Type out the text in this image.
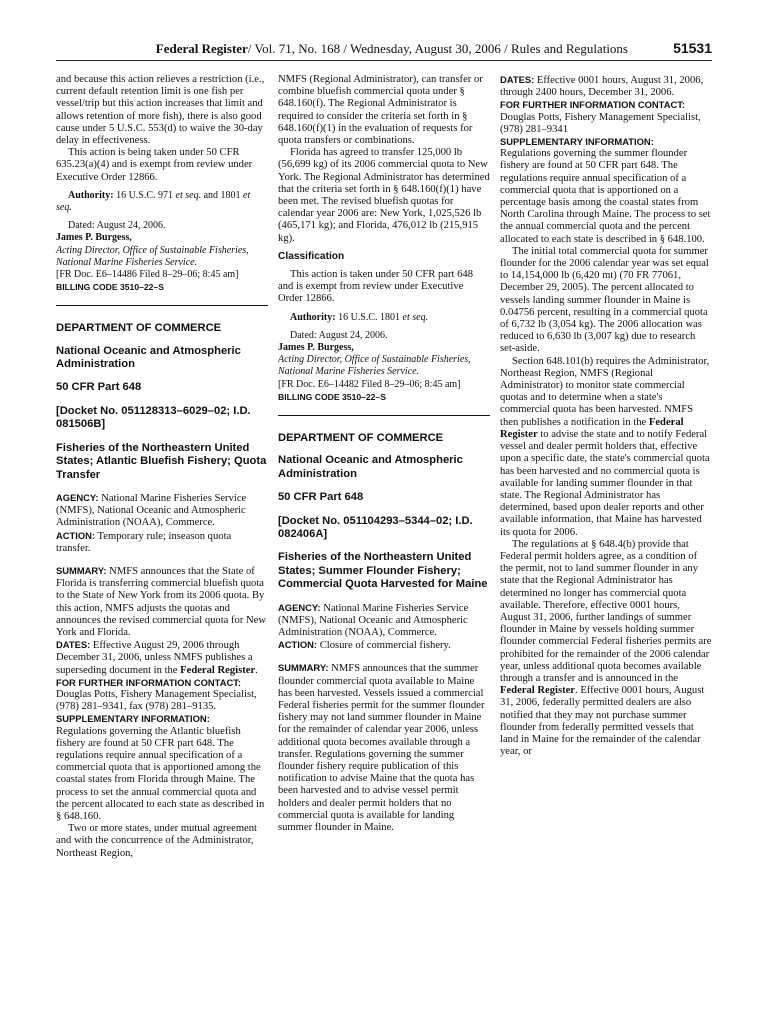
Federal Register/ Vol. 71, No. 168 / Wednesday, August 30, 2006 / Rules and Regulations	51531

and because this action relieves a restriction (i.e., current default retention limit is one fish per vessel/trip but this action increases that limit and allows retention of more fish), there is also good cause under 5 U.S.C. 553(d) to waive the 30-day delay in effectiveness.

This action is being taken under 50 CFR 635.23(a)(4) and is exempt from review under Executive Order 12866.

Authority: 16 U.S.C. 971 et seq. and 1801 et seq.

Dated: August 24, 2006.

James P. Burgess,

Acting Director, Office of Sustainable Fisheries, National Marine Fisheries Service.

[FR Doc. E6–14486 Filed 8–29–06; 8:45 am]

BILLING CODE 3510–22–S

DEPARTMENT OF COMMERCE

National Oceanic and Atmospheric Administration

50 CFR Part 648

[Docket No. 051128313–6029–02; I.D. 081506B]

Fisheries of the Northeastern United States; Atlantic Bluefish Fishery; Quota Transfer

AGENCY: National Marine Fisheries Service (NMFS), National Oceanic and Atmospheric Administration (NOAA), Commerce.

ACTION: Temporary rule; inseason quota transfer.

SUMMARY: NMFS announces that the State of Florida is transferring commercial bluefish quota to the State of New York from its 2006 quota. By this action, NMFS adjusts the quotas and announces the revised commercial quota for New York and Florida.

DATES: Effective August 29, 2006 through December 31, 2006, unless NMFS publishes a superseding document in the Federal Register.

FOR FURTHER INFORMATION CONTACT:

Douglas Potts, Fishery Management Specialist, (978) 281–9341, fax (978) 281–9135.

SUPPLEMENTARY INFORMATION:

Regulations governing the Atlantic bluefish fishery are found at 50 CFR part 648. The regulations require annual specification of a commercial quota that is apportioned among the coastal states from Florida through Maine. The process to set the annual commercial quota and the percent allocated to each state as described in § 648.160.

Two or more states, under mutual agreement and with the concurrence of the Administrator, Northeast Region,

NMFS (Regional Administrator), can transfer or combine bluefish commercial quota under § 648.160(f). The Regional Administrator is required to consider the criteria set forth in § 648.160(f)(1) in the evaluation of requests for quota transfers or combinations.

Florida has agreed to transfer 125,000 lb (56,699 kg) of its 2006 commercial quota to New York. The Regional Administrator has determined that the criteria set forth in § 648.160(f)(1) have been met. The revised bluefish quotas for calendar year 2006 are: New York, 1,025,526 lb (465,171 kg); and Florida, 476,012 lb (215,915 kg).

Classification

This action is taken under 50 CFR part 648 and is exempt from review under Executive Order 12866.

Authority: 16 U.S.C. 1801 et seq.

Dated: August 24, 2006.

James P. Burgess,

Acting Director, Office of Sustainable Fisheries, National Marine Fisheries Service.

[FR Doc. E6–14482 Filed 8–29–06; 8:45 am]

BILLING CODE 3510–22–S

DEPARTMENT OF COMMERCE

National Oceanic and Atmospheric Administration

50 CFR Part 648

[Docket No. 051104293–5344–02; I.D. 082406A]

Fisheries of the Northeastern United States; Summer Flounder Fishery; Commercial Quota Harvested for Maine

AGENCY: National Marine Fisheries Service (NMFS), National Oceanic and Atmospheric Administration (NOAA), Commerce.

ACTION: Closure of commercial fishery.

SUMMARY: NMFS announces that the summer flounder commercial quota available to Maine has been harvested. Vessels issued a commercial Federal fisheries permit for the summer flounder fishery may not land summer flounder in Maine for the remainder of calendar year 2006, unless additional quota becomes available through a transfer. Regulations governing the summer flounder fishery require publication of this notification to advise Maine that the quota has been harvested and to advise vessel permit holders and dealer permit holders that no commercial quota is available for landing summer flounder in Maine.

DATES: Effective 0001 hours, August 31, 2006, through 2400 hours, December 31, 2006.

FOR FURTHER INFORMATION CONTACT:

Douglas Potts, Fishery Management Specialist, (978) 281–9341

SUPPLEMENTARY INFORMATION:

Regulations governing the summer flounder fishery are found at 50 CFR part 648. The regulations require annual specification of a commercial quota that is apportioned on a percentage basis among the coastal states from North Carolina through Maine. The process to set the annual commercial quota and the percent allocated to each state is described in § 648.100.

The initial total commercial quota for summer flounder for the 2006 calendar year was set equal to 14,154,000 lb (6,420 mt) (70 FR 77061, December 29, 2005). The percent allocated to vessels landing summer flounder in Maine is 0.04756 percent, resulting in a commercial quota of 6,732 lb (3,054 kg). The 2006 allocation was reduced to 6,630 lb (3,007 kg) due to research set-aside.

Section 648.101(b) requires the Administrator, Northeast Region, NMFS (Regional Administrator) to monitor state commercial quotas and to determine when a state's commercial quota has been harvested. NMFS then publishes a notification in the Federal Register to advise the state and to notify Federal vessel and dealer permit holders that, effective upon a specific date, the state's commercial quota has been harvested and no commercial quota is available for landing summer flounder in that state. The Regional Administrator has determined, based upon dealer reports and other available information, that Maine has harvested its quota for 2006.

The regulations at § 648.4(b) provide that Federal permit holders agree, as a condition of the permit, not to land summer flounder in any state that the Regional Administrator has determined no longer has commercial quota available. Therefore, effective 0001 hours, August 31, 2006, further landings of summer flounder in Maine by vessels holding summer flounder commercial Federal fisheries permits are prohibited for the remainder of the 2006 calendar year, unless additional quota becomes available through a transfer and is announced in the Federal Register. Effective 0001 hours, August 31, 2006, federally permitted dealers are also notified that they may not purchase summer flounder from federally permitted vessels that land in Maine for the remainder of the calendar year, or
